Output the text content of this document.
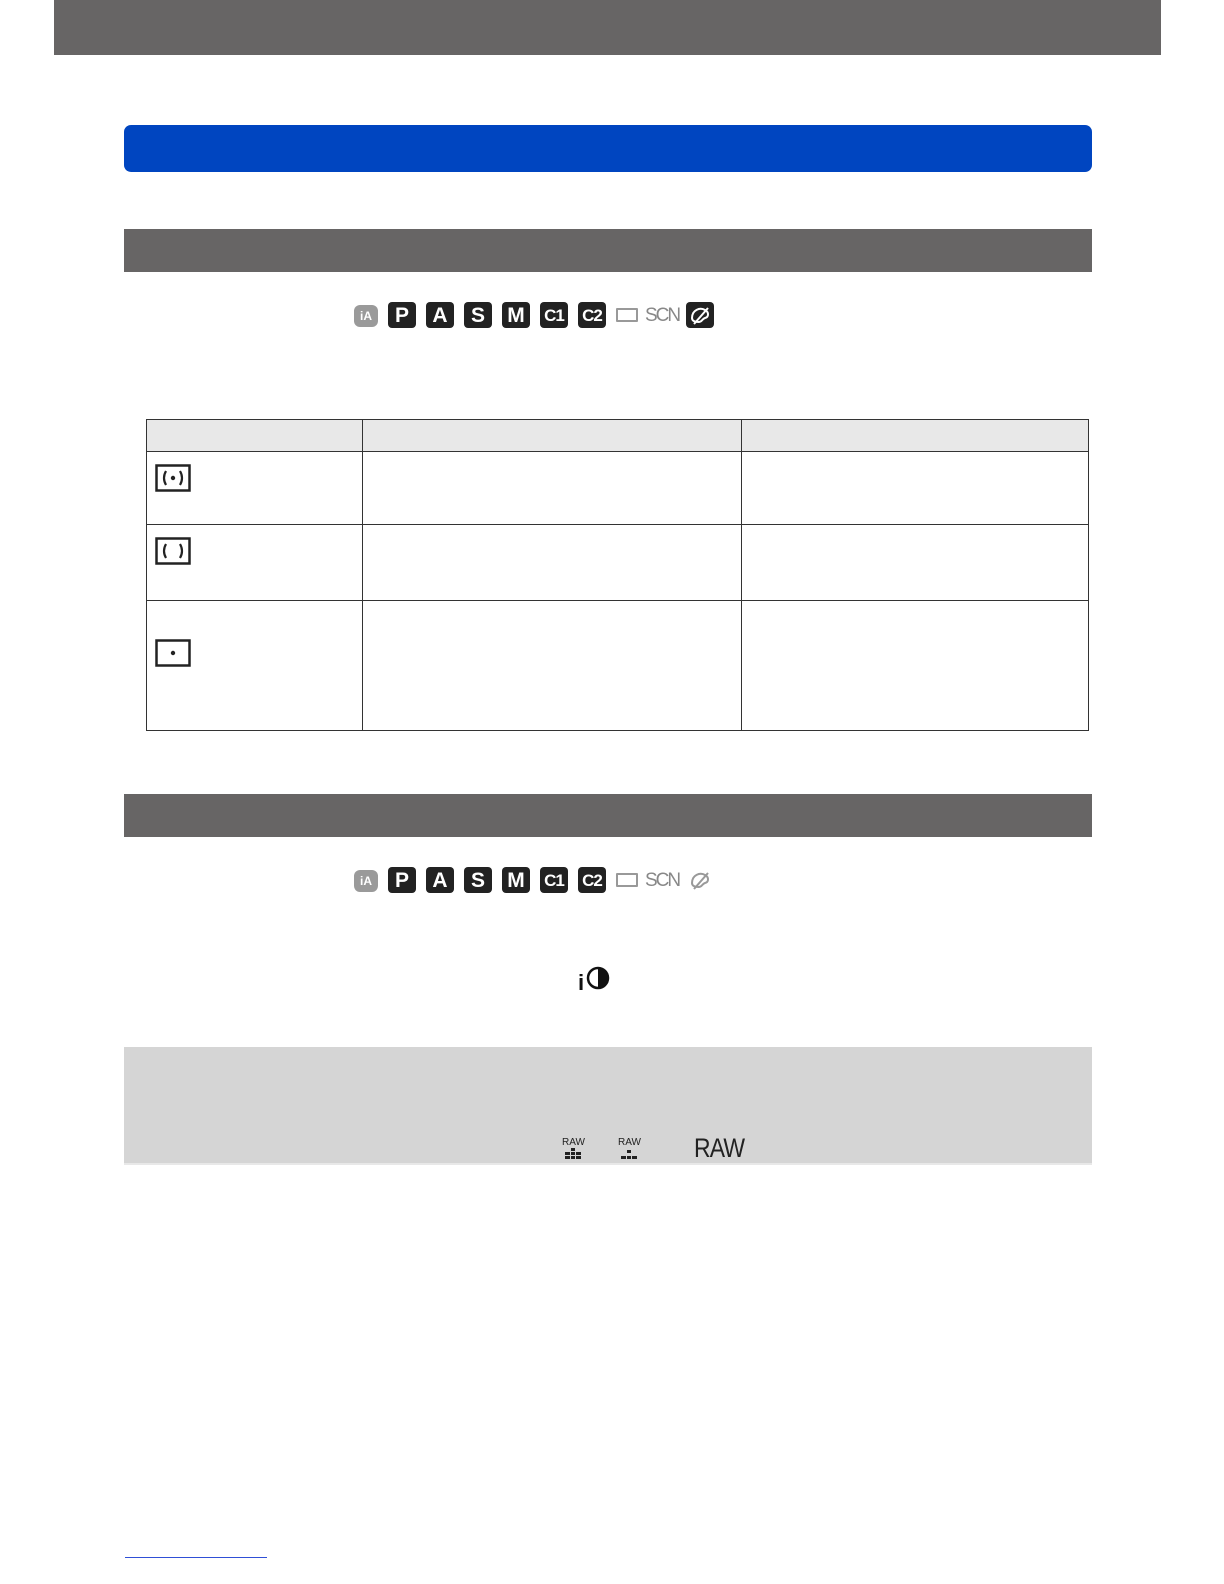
iA	P	A	S	M	C1 C2 SCN

iA	P	A	S	M	C1 C2 SCN
i
RAW	RAW RAW
